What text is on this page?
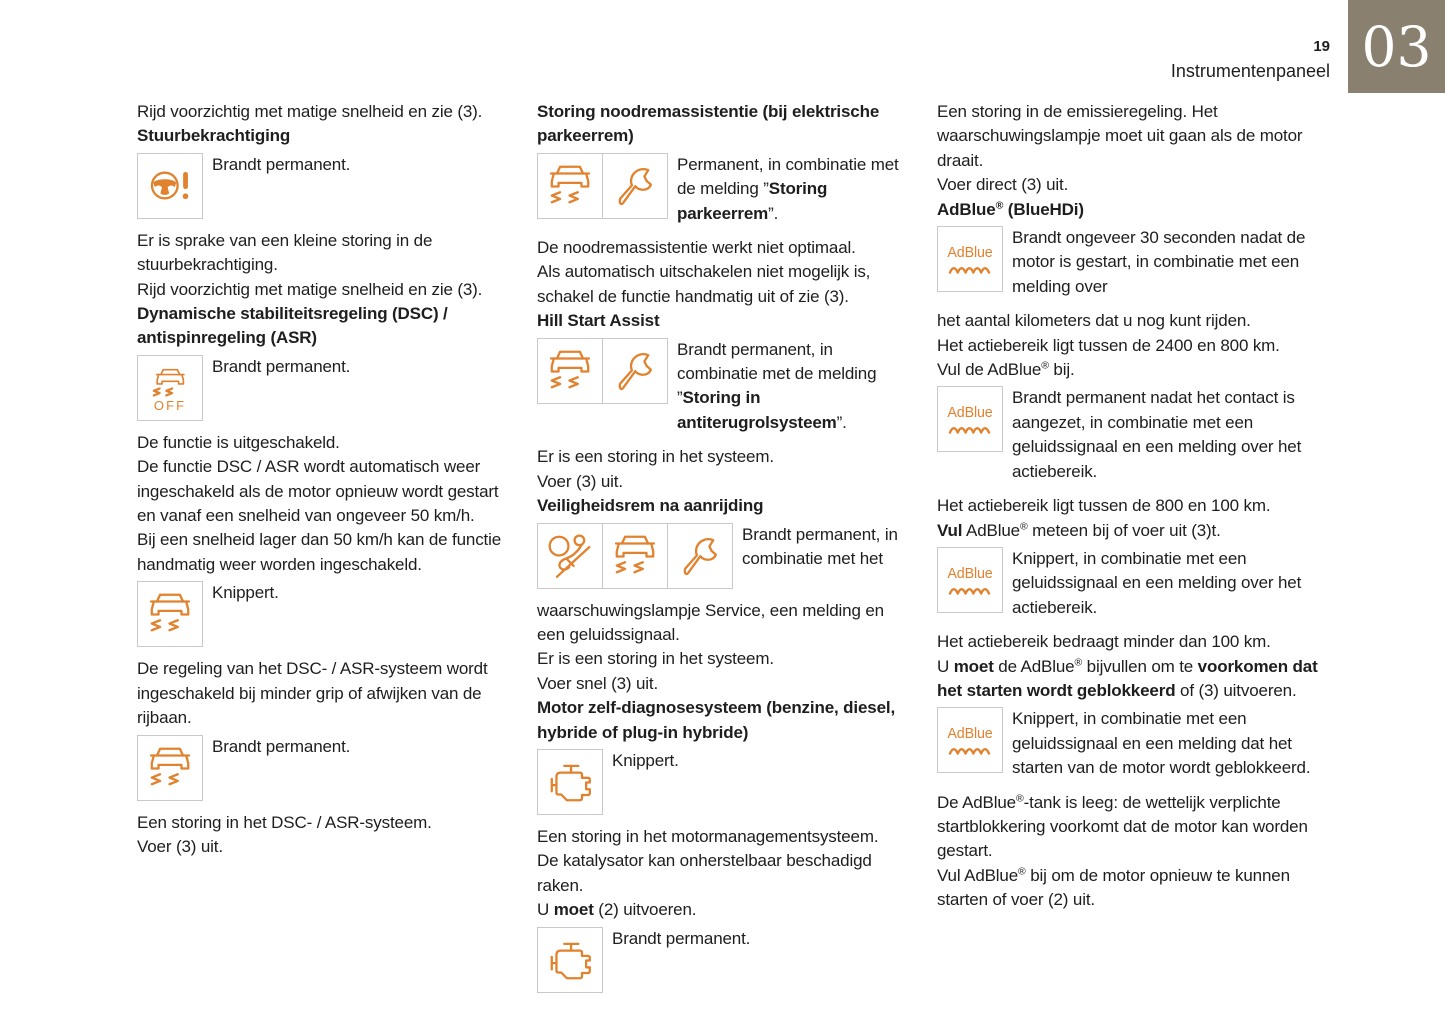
19
Instrumentenpaneel 03

Rijd voorzichtig met matige snelheid en zie (3).

Stuurbekrachtiging

Brandt permanent.

Er is sprake van een kleine storing in de stuurbekrachtiging.

Rijd voorzichtig met matige snelheid en zie (3).

Dynamische stabiliteitsregeling (DSC) / antispinregeling (ASR)

OFF
Brandt permanent.

De functie is uitgeschakeld.

De functie DSC / ASR wordt automatisch weer ingeschakeld als de motor opnieuw wordt gestart en vanaf een snelheid van ongeveer 50 km/h.

Bij een snelheid lager dan 50 km/h kan de functie handmatig weer worden ingeschakeld.

Knippert.

De regeling van het DSC- / ASR-systeem wordt ingeschakeld bij minder grip of afwijken van de rijbaan.

Brandt permanent.

Een storing in het DSC- / ASR-systeem.

Voer (3) uit.

Storing noodremassistentie (bij elektrische parkeerrem)

Permanent, in combinatie met de melding ”Storing parkeerrem”.

De noodremassistentie werkt niet optimaal.

Als automatisch uitschakelen niet mogelijk is, schakel de functie handmatig uit of zie (3).

Hill Start Assist

Brandt permanent, in combinatie met de melding ”Storing in antiterugrolsysteem”.

Er is een storing in het systeem.

Voer (3) uit.

Veiligheidsrem na aanrijding

Brandt permanent, in combinatie met het

waarschuwingslampje Service, een melding en een geluidssignaal.

Er is een storing in het systeem.

Voer snel (3) uit.

Motor zelf-diagnosesysteem (benzine, diesel, hybride of plug-in hybride)

Knippert.

Een storing in het motormanagementsysteem.

De katalysator kan onherstelbaar beschadigd raken.

U moet (2) uitvoeren.

Brandt permanent.

Een storing in de emissieregeling. Het waarschuwingslampje moet uit gaan als de motor draait.

Voer direct (3) uit.

AdBlue® (BlueHDi)

AdBlue
Brandt ongeveer 30 seconden nadat de motor is gestart, in combinatie met een melding over

het aantal kilometers dat u nog kunt rijden.

Het actiebereik ligt tussen de 2400 en 800 km.

Vul de AdBlue® bij.

AdBlue
Brandt permanent nadat het contact is aangezet, in combinatie met een geluidssignaal en een melding over het actiebereik.

Het actiebereik ligt tussen de 800 en 100 km.

Vul AdBlue® meteen bij of voer uit (3)t.

AdBlue
Knippert, in combinatie met een geluidssignaal en een melding over het actiebereik.

Het actiebereik bedraagt minder dan 100 km.

U moet de AdBlue® bijvullen om te voorkomen dat het starten wordt geblokkeerd of (3) uitvoeren.

AdBlue
Knippert, in combinatie met een geluidssignaal en een melding dat het starten van de motor wordt geblokkeerd.

De AdBlue®-tank is leeg: de wettelijk verplichte startblokkering voorkomt dat de motor kan worden gestart.

Vul AdBlue® bij om de motor opnieuw te kunnen starten of voer (2) uit.
